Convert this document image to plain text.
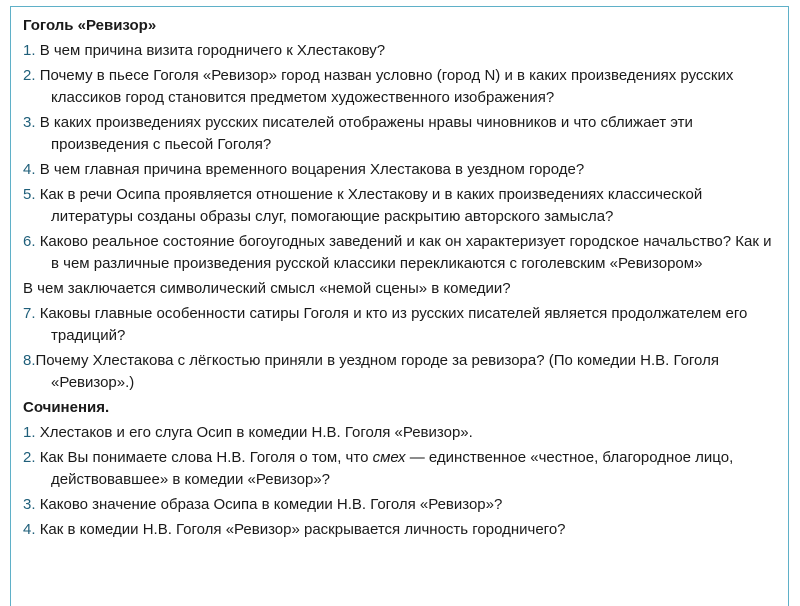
Гоголь «Ревизор»
1. В чем причина визита городничего к Хлестакову?
2. Почему в пьесе Гоголя «Ревизор» город назван условно (город N) и в каких произведениях русских классиков город становится предметом художественного изображения?
3. В каких произведениях русских писателей отображены нравы чиновников и что сближает эти произведения с пьесой Гоголя?
4. В чем главная причина временного воцарения Хлестакова в уездном городе?
5. Как в речи Осипа проявляется отношение к Хлестакову и в каких произведениях классической литературы созданы образы слуг, помогающие раскрытию авторского замысла?
6. Каково реальное состояние богоугодных заведений и как он характеризует городское начальство? Как и в чем различные произведения русской классики перекликаются с гоголевским «Ревизором»
В чем заключается символический смысл «немой сцены» в комедии?
7. Каковы главные особенности сатиры Гоголя и кто из русских писателей является продолжателем его традиций?
8.Почему Хлестакова с лёгкостью приняли в уездном городе за ревизора? (По комедии Н.В. Гоголя «Ревизор».)
Сочинения.
1. Хлестаков и его слуга Осип в комедии Н.В. Гоголя «Ревизор».
2. Как Вы понимаете слова Н.В. Гоголя о том, что смех — единственное «честное, благородное лицо, действовавшее» в комедии «Ревизор»?
3. Каково значение образа Осипа в комедии Н.В. Гоголя «Ревизор»?
4. Как в комедии Н.В. Гоголя «Ревизор» раскрывается личность городничего?
